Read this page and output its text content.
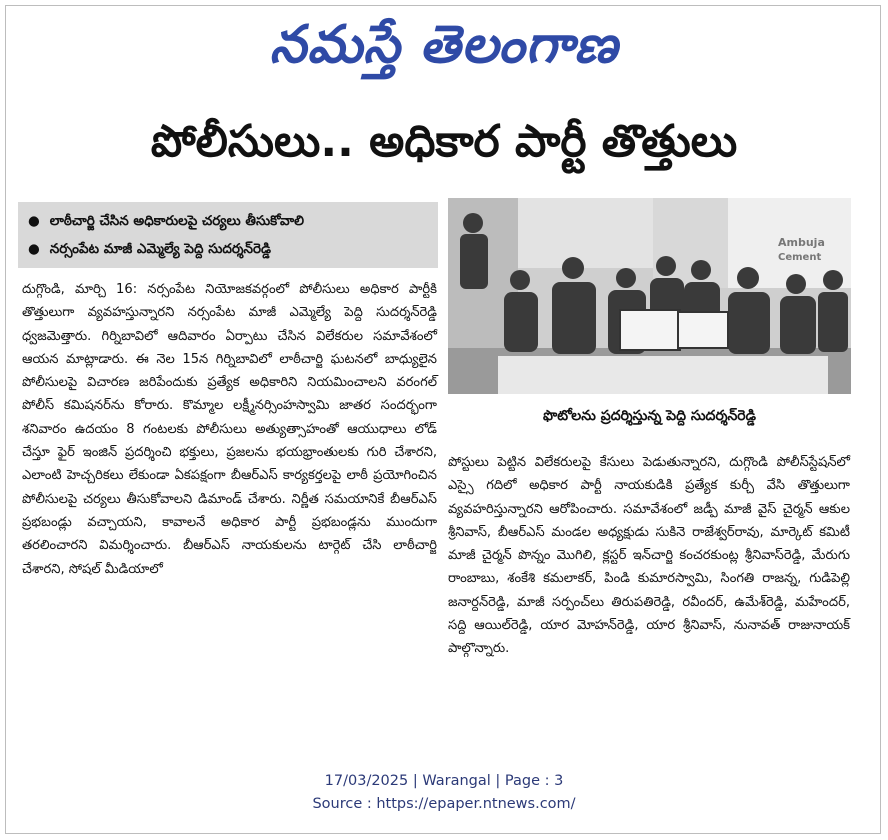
నమస్తే తెలంగాణ
పోలీసులు.. అధికార పార్టీ తొత్తులు
● లాఠీచార్జి చేసిన అధికారులపై చర్యలు తీసుకోవాలి
● నర్సంపేట మాజీ ఎమ్మెల్యే పెద్ది సుదర్శన్‌రెడ్డి

దుగ్గొండి, మార్చి 16: నర్సంపేట నియోజకవర్గంలో పోలీసులు అధికార పార్టీకి తొత్తులుగా వ్యవహస్తున్నారని నర్సంపేట మాజీ ఎమ్మెల్యే పెద్ది సుదర్శన్‌రెడ్డి ధ్వజమెత్తారు. గిర్నిబావిలో ఆదివారం ఏర్పాటు చేసిన విలేకరుల సమావేశంలో ఆయన మాట్లాడారు. ఈ నెల 15న గిర్నిబావిలో లాఠీచార్జి ఘటనలో బాధ్యులైన పోలీసులపై విచారణ జరిపేందుకు ప్రత్యేక అధికారిని నియమించాలని వరంగల్ పోలీస్ కమిషనర్‌ను కోరారు. కొమ్మాల లక్ష్మీనర్సింహస్వామి జాతర సందర్భంగా శనివారం ఉదయం 8 గంటలకు పోలీసులు అత్యుత్సాహంతో ఆయుధాలు లోడ్ చేస్తూ ఫైర్ ఇంజిన్ ప్రదర్శించి భక్తులు, ప్రజలను భయభ్రాంతులకు గురి చేశారని, ఎలాంటి హెచ్చరికలు లేకుండా ఏకపక్షంగా బీఆర్‌ఎస్ కార్యకర్తలపై లాఠీ ప్రయోగించిన పోలీసులపై చర్యలు తీసుకోవాలని డిమాండ్ చేశారు. నిర్ణీత సమయానికే బీఆర్‌ఎస్ ప్రభబండ్లు వచ్చాయని, కావాలనే అధికార పార్టీ ప్రభబండ్లను ముందుగా తరలించారని విమర్శించారు. బీఆర్‌ఎస్ నాయకులను టార్గెట్ చేసి లాఠీచార్జి చేశారని, సోషల్ మీడియాలో

Ambuja
Cement
ఫొటోలను ప్రదర్శిస్తున్న పెద్ది సుదర్శన్‌రెడ్డి

పోస్టులు పెట్టిన విలేకరులపై కేసులు పెడుతున్నారని, దుగ్గొండి పోలీస్‌స్టేషన్‌లో ఎస్సై గదిలో అధికార పార్టీ నాయకుడికి ప్రత్యేక కుర్చీ వేసి తొత్తులుగా వ్యవహరిస్తున్నారని ఆరోపించారు. సమావేశంలో జడ్పీ మాజీ వైస్ చైర్మన్ ఆకుల శ్రీనివాస్, బీఆర్‌ఎస్ మండల అధ్యక్షుడు సుకినె రాజేశ్వర్‌రావు, మార్కెట్ కమిటీ మాజీ చైర్మన్ పొన్నం మొగిలి, క్లస్టర్ ఇన్‌చార్జి కంచరకుంట్ల శ్రీనివాస్‌రెడ్డి, మేరుగు రాంబాబు, శంకేశి కమలాకర్, పిండి కుమారస్వామి, సింగతి రాజన్న, గుడిపెల్లి జనార్దన్‌రెడ్డి, మాజీ సర్పంచ్‌లు తిరుపతిరెడ్డి, రవీందర్, ఉమేశ్‌రెడ్డి, మహేందర్, సద్ది ఆయిల్‌రెడ్డి, యార మోహన్‌రెడ్డి, యార శ్రీనివాస్, నునావత్ రాజునాయక్ పాల్గొన్నారు.

17/03/2025 | Warangal | Page : 3
Source : https://epaper.ntnews.com/
